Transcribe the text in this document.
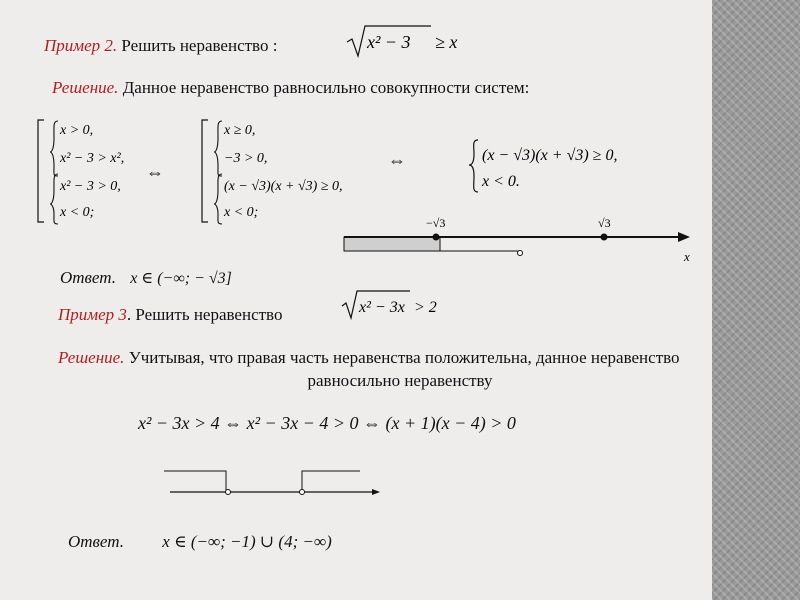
Пример 2. Решить неравенство :	x² − 3 ≥ x
Решение. Данное неравенство равносильно совокупности систем:
x > 0,
x² − 3 > x²,
x² − 3 > 0,
x < 0;
⇔
x ≥ 0,
−3 > 0,
(x − √3)(x + √3) ≥ 0,
x < 0;
⇔	(x − √3)(x + √3) ≥ 0,
x < 0.
−√3	√3
x
Ответ. x ∈ (−∞; − √3]
Пример 3. Решить неравенство	x² − 3x > 2
Решение. Учитывая, что правая часть неравенства положительна, данное неравенство
равносильно неравенству
x² − 3x > 4 ⇔ x² − 3x − 4 > 0 ⇔ (x + 1)(x − 4) > 0
Ответ. x ∈ (−∞; −1) ∪ (4; −∞)
